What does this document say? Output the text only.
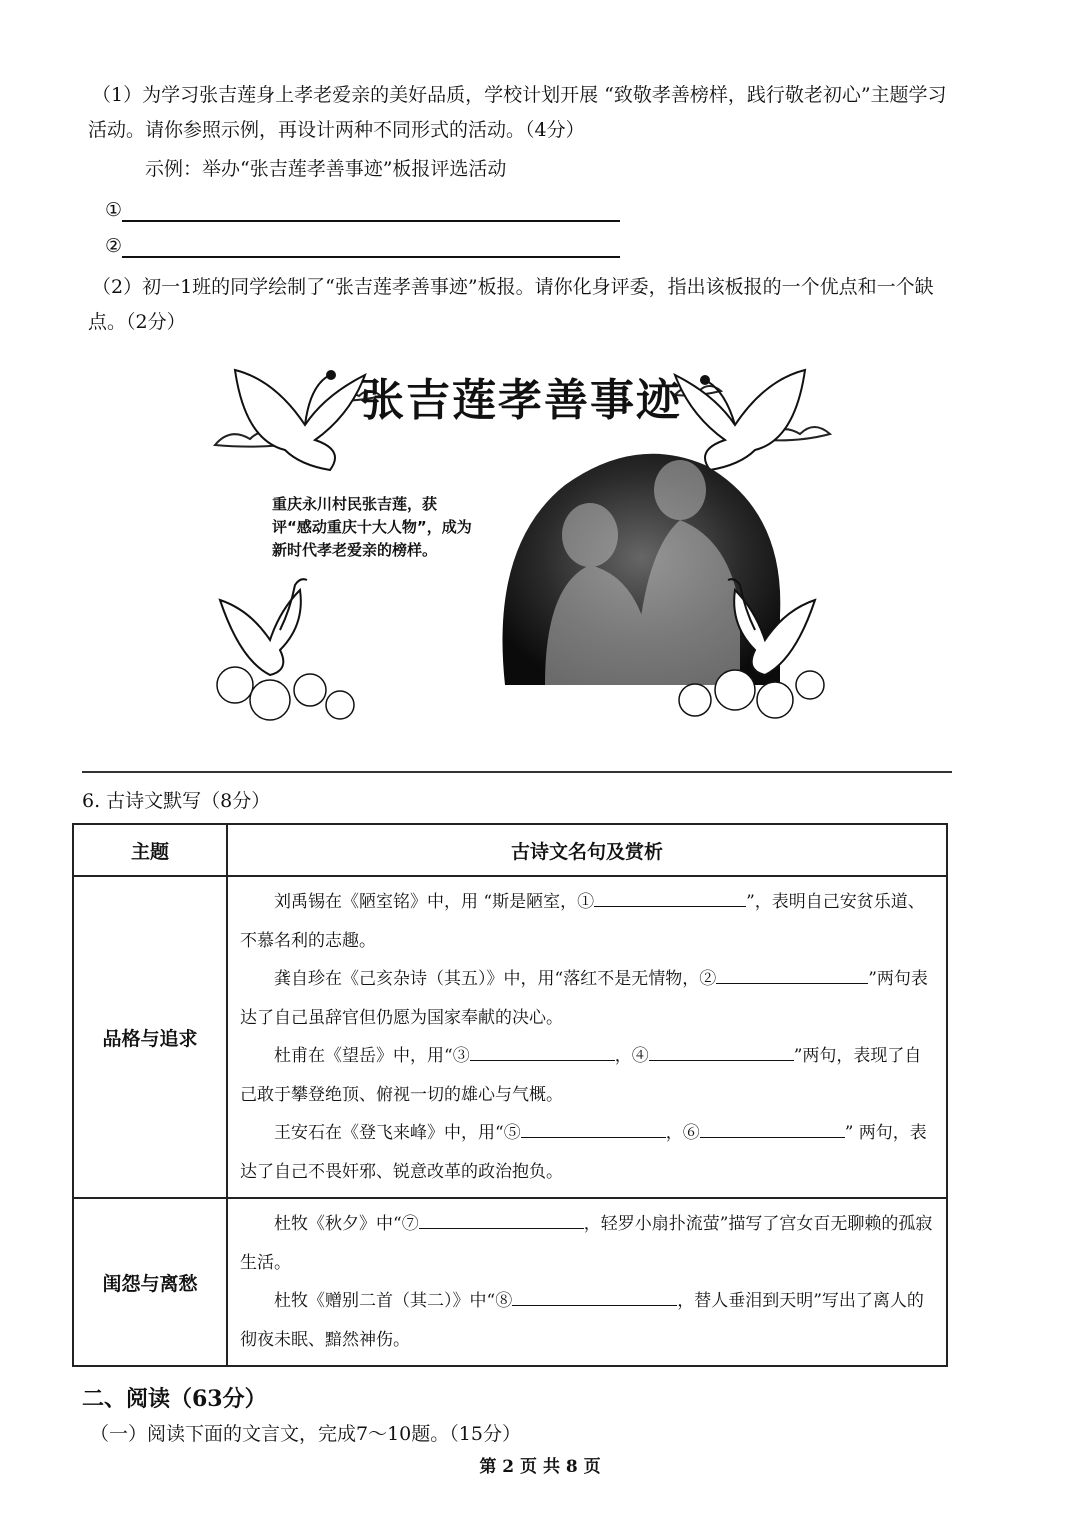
（1）为学习张吉莲身上孝老爱亲的美好品质，学校计划开展 “致敬孝善榜样，践行敬老初心”主题学习
活动。请你参照示例，再设计两种不同形式的活动。（4分）
示例：举办“张吉莲孝善事迹”板报评选活动
①
②
（2）初一1班的同学绘制了“张吉莲孝善事迹”板报。请你化身评委，指出该板报的一个优点和一个缺
点。（2分）
张吉莲孝善事迹
重庆永川村民张吉莲，获评“感动重庆十大人物”，成为新时代孝老爱亲的榜样。
6. 古诗文默写（8分）
主题	古诗文名句及赏析
品格与追求	刘禹锡在《陋室铭》中，用 “斯是陋室，① ”，表明自己安贫乐道、不慕名利的志趣。

龚自珍在《己亥杂诗（其五）》中，用“落红不是无情物，② ”两句表达了自己虽辞官但仍愿为国家奉献的决心。

杜甫在《望岳》中，用“③ ，④ ”两句，表现了自己敢于攀登绝顶、俯视一切的雄心与气概。

王安石在《登飞来峰》中，用“⑤ ，⑥ ” 两句，表达了自己不畏奸邪、锐意改革的政治抱负。

闺怨与离愁	杜牧《秋夕》中“⑦ ，轻罗小扇扑流萤”描写了宫女百无聊赖的孤寂生活。

杜牧《赠别二首（其二）》中“⑧ ，替人垂泪到天明”写出了离人的彻夜未眠、黯然神伤。

二、阅读（63分）
（一）阅读下面的文言文，完成7～10题。（15分）
第 2 页 共 8 页
